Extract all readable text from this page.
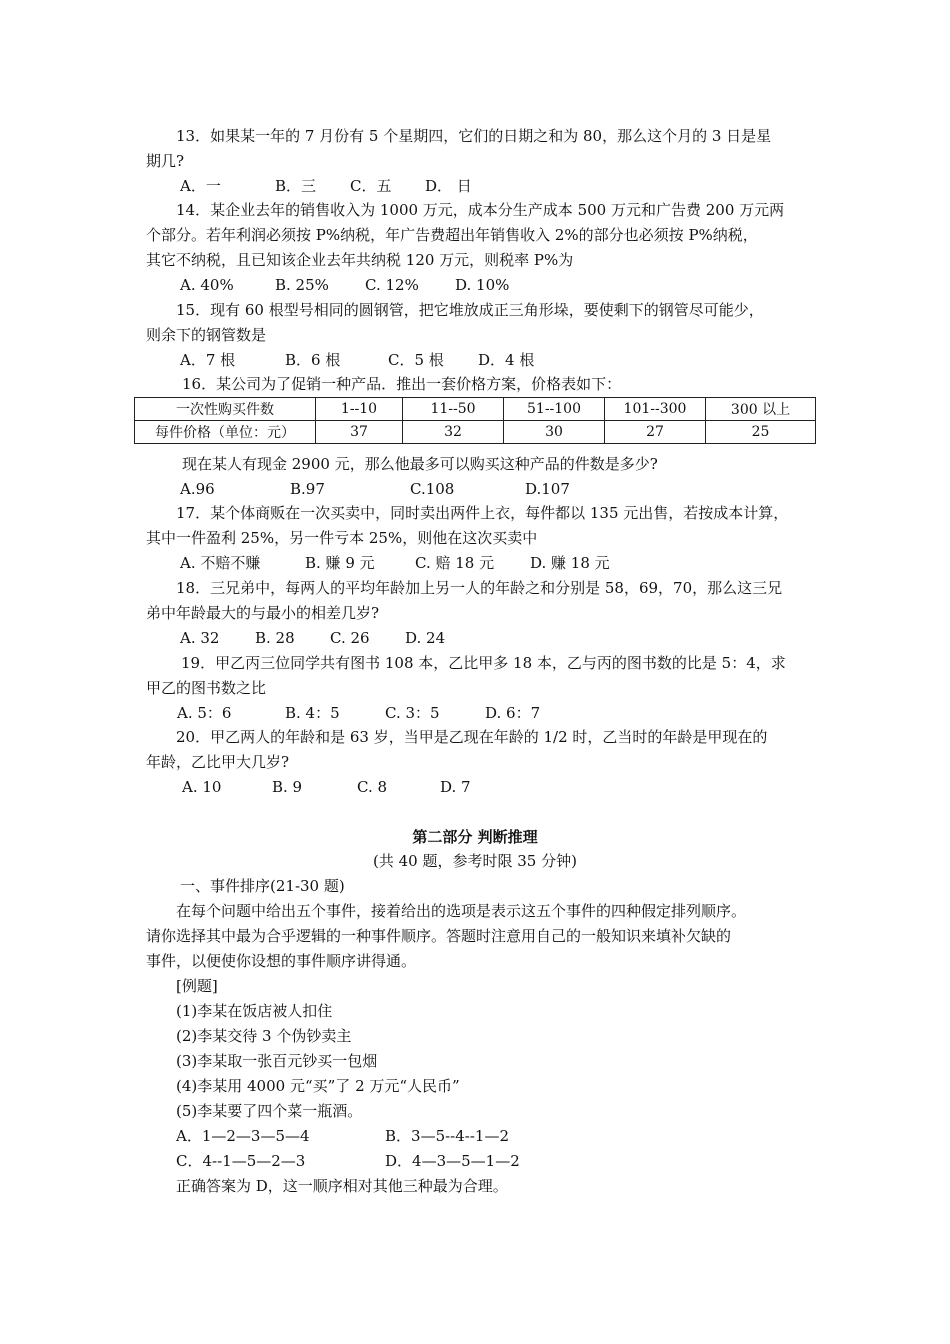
13．如果某一年的 7 月份有 5 个星期四，它们的日期之和为 80，那么这个月的 3 日是星
期几?
A．一	B．三 C．五 D． 日
14．某企业去年的销售收入为 1000 万元，成本分生产成本 500 万元和广告费 200 万元两
个部分。若年利润必须按 P%纳税，年广告费超出年销售收入 2%的部分也必须按 P%纳税，
其它不纳税，且已知该企业去年共纳税 120 万元，则税率 P%为
A. 40%	B. 25% C. 12% D. 10%
15．现有 60 根型号相同的圆钢管，把它堆放成正三角形垛，要使剩下的钢管尽可能少，
则余下的钢管数是
A．7 根	B．6 根	C．5 根 D．4 根
16．某公司为了促销一种产品．推出一套价格方案，价格表如下：
一次性购买件数	1--10	11--50	51--100	101--300	300 以上
每件价格（单位：元）	37	32	30	27	25
现在某人有现金 2900 元，那么他最多可以购买这种产品的件数是多少?
A.96	B.97	C.108	D.107
17．某个体商贩在一次买卖中，同时卖出两件上衣，每件都以 135 元出售，若按成本计算，
其中一件盈利 25%，另一件亏本 25%，则他在这次买卖中
A. 不赔不赚	B. 赚 9 元	C. 赔 18 元 D. 赚 18 元
18．三兄弟中，每两人的平均年龄加上另一人的年龄之和分别是 58，69，70，那么这三兄
弟中年龄最大的与最小的相差几岁?
A. 32 B. 28 C. 26 D. 24
19．甲乙丙三位同学共有图书 108 本，乙比甲多 18 本，乙与丙的图书数的比是 5：4，求
甲乙的图书数之比
A. 5：6	B. 4：5	C. 3：5	D. 6：7
20．甲乙两人的年龄和是 63 岁，当甲是乙现在年龄的 1/2 时，乙当时的年龄是甲现在的
年龄，乙比甲大几岁?
A. 10	B. 9	C. 8	D. 7
第二部分 判断推理
(共 40 题，参考时限 35 分钟)
一、事件排序(21-30 题)
在每个问题中给出五个事件，接着给出的选项是表示这五个事件的四种假定排列顺序。
请你选择其中最为合乎逻辑的一种事件顺序。答题时注意用自己的一般知识来填补欠缺的
事件，以便使你设想的事件顺序讲得通。
[例题]
(1)李某在饭店被人扣住
(2)李某交待 3 个伪钞卖主
(3)李某取一张百元钞买一包烟
(4)李某用 4000 元“买”了 2 万元“人民币”
(5)李某要了四个菜一瓶酒。
A．1—2—3—5—4	B．3—5--4--1—2
C．4--1—5—2—3	D．4—3—5—1—2
正确答案为 D，这一顺序相对其他三种最为合理。
